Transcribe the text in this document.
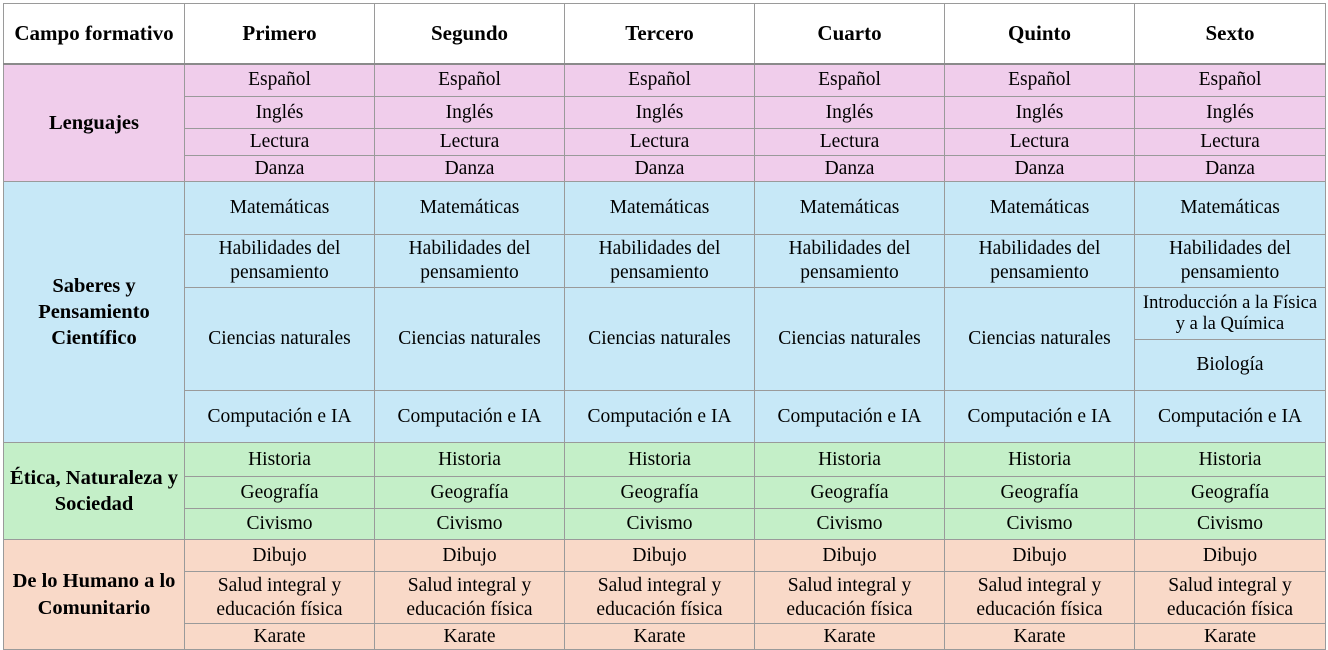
Campo formativo	Primero	Segundo	Tercero	Cuarto	Quinto	Sexto
Lenguajes	Español	Español	Español	Español	Español	Español
	Inglés	Inglés	Inglés	Inglés	Inglés	Inglés
	Lectura	Lectura	Lectura	Lectura	Lectura	Lectura
	Danza	Danza	Danza	Danza	Danza	Danza
Saberes y Pensamiento Científico	Matemáticas	Matemáticas	Matemáticas	Matemáticas	Matemáticas	Matemáticas
	Habilidades del pensamiento	Habilidades del pensamiento	Habilidades del pensamiento	Habilidades del pensamiento	Habilidades del pensamiento	Habilidades del pensamiento
	Ciencias naturales	Ciencias naturales	Ciencias naturales	Ciencias naturales	Ciencias naturales	Introducción a la Física y a la Química
						Biología
	Computación e IA	Computación e IA	Computación e IA	Computación e IA	Computación e IA	Computación e IA
Ética, Naturaleza y Sociedad	Historia	Historia	Historia	Historia	Historia	Historia
	Geografía	Geografía	Geografía	Geografía	Geografía	Geografía
	Civismo	Civismo	Civismo	Civismo	Civismo	Civismo
De lo Humano a lo Comunitario	Dibujo	Dibujo	Dibujo	Dibujo	Dibujo	Dibujo
	Salud integral y educación física	Salud integral y educación física	Salud integral y educación física	Salud integral y educación física	Salud integral y educación física	Salud integral y educación física
	Karate	Karate	Karate	Karate	Karate	Karate
